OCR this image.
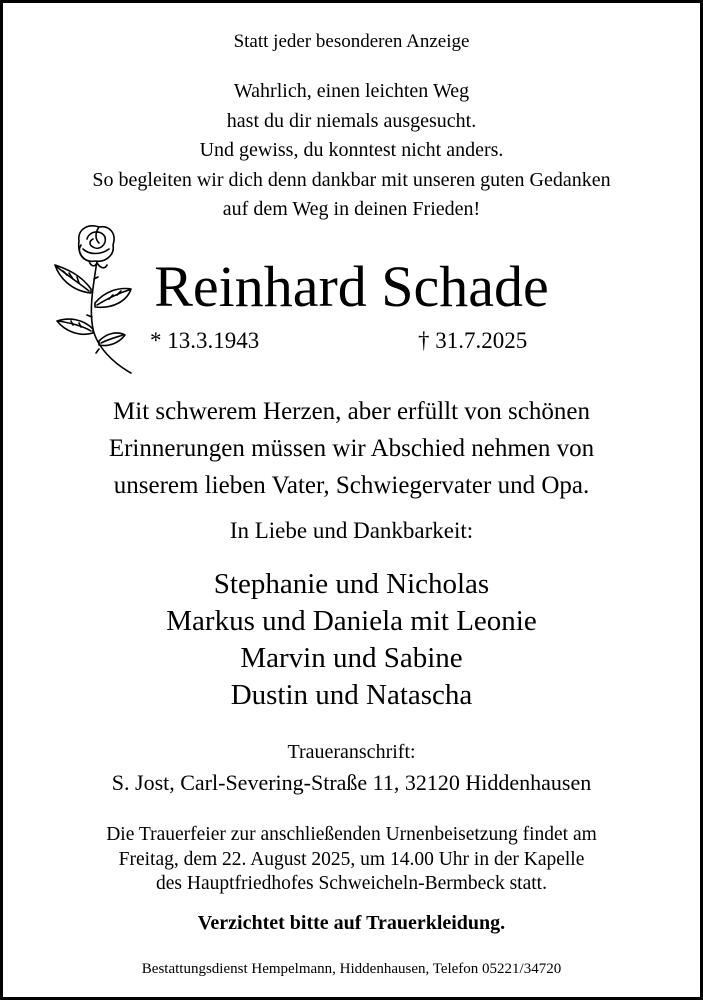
Statt jeder besonderen Anzeige
Wahrlich, einen leichten Weg
hast du dir niemals ausgesucht.
Und gewiss, du konntest nicht anders.
So begleiten wir dich denn dankbar mit unseren guten Gedanken
auf dem Weg in deinen Frieden!
Reinhard Schade
* 13.3.1943	† 31.7.2025
Mit schwerem Herzen, aber erfüllt von schönen
Erinnerungen müssen wir Abschied nehmen von
unserem lieben Vater, Schwiegervater und Opa.
In Liebe und Dankbarkeit:
Stephanie und Nicholas
Markus und Daniela mit Leonie
Marvin und Sabine
Dustin und Natascha
Traueranschrift:
S. Jost, Carl-Severing-Straße 11, 32120 Hiddenhausen
Die Trauerfeier zur anschließenden Urnenbeisetzung findet am
Freitag, dem 22. August 2025, um 14.00 Uhr in der Kapelle
des Hauptfriedhofes Schweicheln-Bermbeck statt.
Verzichtet bitte auf Trauerkleidung.
Bestattungsdienst Hempelmann, Hiddenhausen, Telefon 05221/34720
